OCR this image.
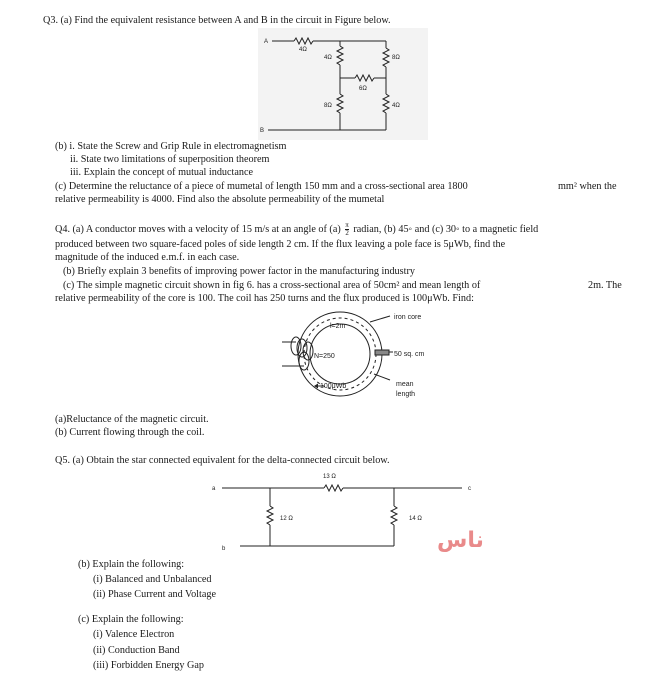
Q3. (a) Find the equivalent resistance between A and B in the circuit in Figure below.
A
B
4Ω
4Ω	8Ω
6Ω
8Ω	4Ω
(b) i. State the Screw and Grip Rule in electromagnetism
ii. State two limitations of superposition theorem
iii. Explain the concept of mutual inductance
(c) Determine the reluctance of a piece of mumetal of length 150 mm and a cross-sectional area 1800	mm² when the
relative permeability is 4000. Find also the absolute permeability of the mumetal
Q4. (a) A conductor moves with a velocity of 15 m/s at an angle of $(a) \frac{\pi}{2}$ radian, (b) 45◦ and (c) 30◦ to a magnetic field
produced between two square-faced poles of side length 2 cm. If the flux leaving a pole face is 5μWb, find the
magnitude of the induced e.m.f. in each case.
(b) Briefly explain 3 benefits of improving power factor in the manufacturing industry
(c) The simple magnetic circuit shown in fig 6. has a cross-sectional area of 50cm² and mean length of	2m. The
relative permeability of the core is 100. The coil has 250 turns and the flux produced is 100μWb. Find:
l=2m
N=250
100μWb
iron core
50 sq. cm
mean
length
(a)Reluctance of the magnetic circuit.
(b) Current flowing through the coil.
Q5. (a) Obtain the star connected equivalent for the delta-connected circuit below.
a	c
b
13 Ω
12 Ω	14 Ω
ناس
(b) Explain the following:
(i) Balanced and Unbalanced
(ii) Phase Current and Voltage
(c) Explain the following:
(i) Valence Electron
(ii) Conduction Band
(iii) Forbidden Energy Gap
